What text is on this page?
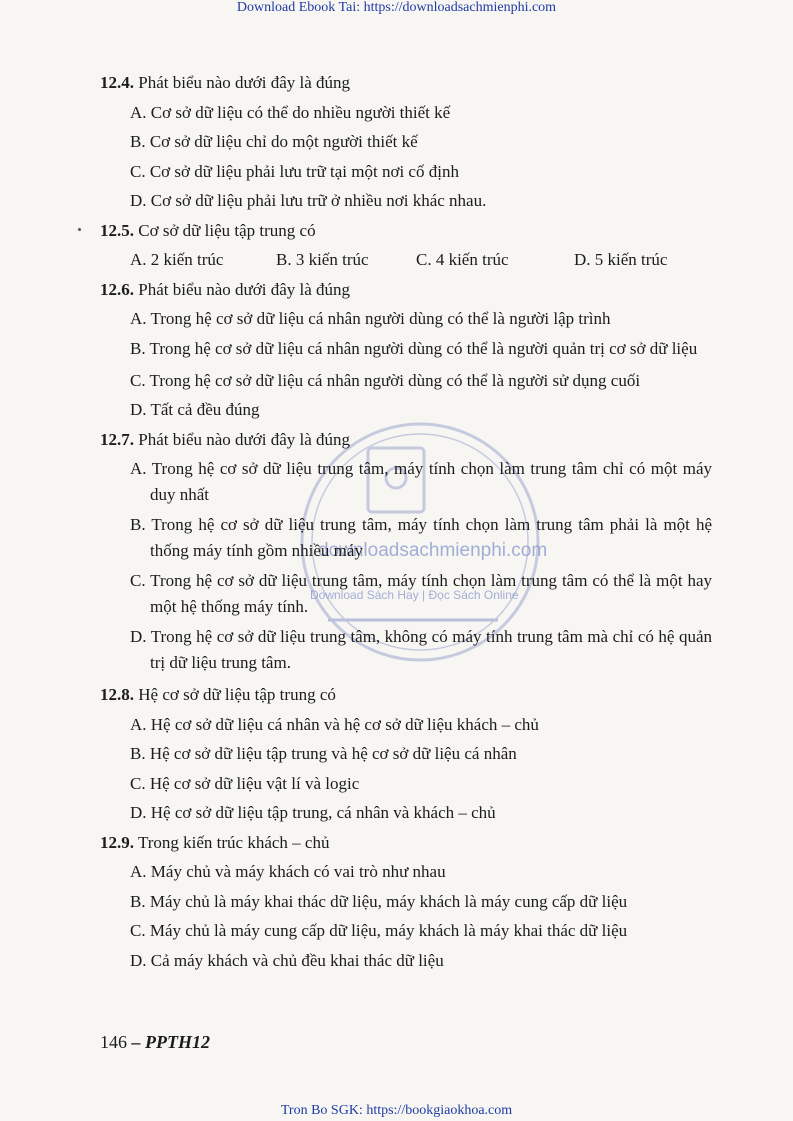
Download Ebook Tai: https://downloadsachmienphi.com
downloadsachmienphi.com
Download Sách Hay | Đọc Sách Online
12.4. Phát biểu nào dưới đây là đúng
A. Cơ sở dữ liệu có thể do nhiều người thiết kế
B. Cơ sở dữ liệu chỉ do một người thiết kế
C. Cơ sở dữ liệu phải lưu trữ tại một nơi cố định
D. Cơ sở dữ liệu phải lưu trữ ở nhiều nơi khác nhau.
12.5. Cơ sở dữ liệu tập trung có
A. 2 kiến trúc	B. 3 kiến trúc	C. 4 kiến trúc	D. 5 kiến trúc
12.6. Phát biểu nào dưới đây là đúng
A. Trong hệ cơ sở dữ liệu cá nhân người dùng có thể là người lập trình
B. Trong hệ cơ sở dữ liệu cá nhân người dùng có thể là người quản trị cơ sở dữ liệu
C. Trong hệ cơ sở dữ liệu cá nhân người dùng có thể là người sử dụng cuối
D. Tất cả đều đúng
12.7. Phát biểu nào dưới đây là đúng
A. Trong hệ cơ sở dữ liệu trung tâm, máy tính chọn làm trung tâm chỉ có một máy duy nhất
B. Trong hệ cơ sở dữ liệu trung tâm, máy tính chọn làm trung tâm phải là một hệ thống máy tính gồm nhiều máy
C. Trong hệ cơ sở dữ liệu trung tâm, máy tính chọn làm trung tâm có thể là một hay một hệ thống máy tính.
D. Trong hệ cơ sở dữ liệu trung tâm, không có máy tính trung tâm mà chỉ có hệ quản trị dữ liệu trung tâm.
12.8. Hệ cơ sở dữ liệu tập trung có
A. Hệ cơ sở dữ liệu cá nhân và hệ cơ sở dữ liệu khách – chủ
B. Hệ cơ sở dữ liệu tập trung và hệ cơ sở dữ liệu cá nhân
C. Hệ cơ sở dữ liệu vật lí và logic
D. Hệ cơ sở dữ liệu tập trung, cá nhân và khách – chủ
12.9. Trong kiến trúc khách – chủ
A. Máy chủ và máy khách có vai trò như nhau
B. Máy chủ là máy khai thác dữ liệu, máy khách là máy cung cấp dữ liệu
C. Máy chủ là máy cung cấp dữ liệu, máy khách là máy khai thác dữ liệu
D. Cả máy khách và chủ đều khai thác dữ liệu
146 – PPTH12
Tron Bo SGK: https://bookgiaokhoa.com
